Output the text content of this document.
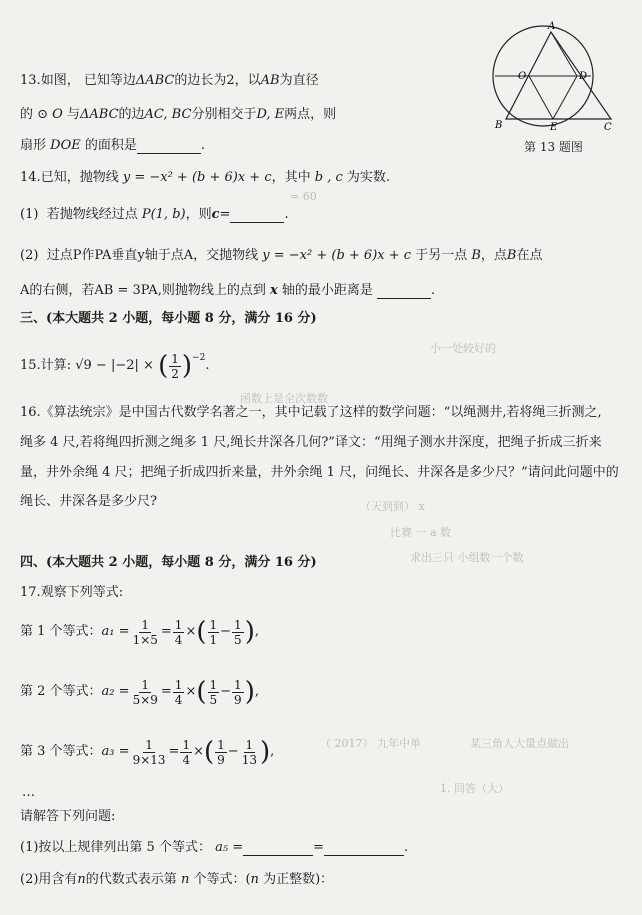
= 60
小一处较好的
函数上是全次数数
（天到到） x
比赛 一 a 数
求出三只 小组数一个数
（ 2017） 九年中单	某三角人大量点做出
1. 回答（大）
A
O	D
B	E	C
第 13 题图
13.如图， 已知等边ΔABC的边长为2，以AB为直径
的 ⊙ O 与ΔABC的边AC, BC分别相交于D, E两点，则
扇形 DOE 的面积是	.
14.已知，抛物线 y = −x² + (b + 6)x + c，其中 b , c 为实数.
(1) 若抛物线经过点 P(1, b)，则c=	.
(2) 过点P作PA垂直y轴于点A，交抛物线 y = −x² + (b + 6)x + c 于另一点 B，点B在点
A的右侧，若AB = 3PA,则抛物线上的点到 x 轴的最小距离是	.
三、(本大题共 2 小题，每小题 8 分，满分 16 分)
15. 计算:
√9
−
|−2|
×
( $\frac{1}{2}$ ) −2 .
16.《算法统宗》是中国古代数学名著之一，其中记载了这样的数学问题：“以绳测井,若将绳三折测之,
绳多 4 尺,若将绳四折测之绳多 1 尺,绳长井深各几何?”译文：“用绳子测水井深度，把绳子折成三折来
量，井外余绳 4 尺；把绳子折成四折来量，井外余绳 1 尺，问绳长、井深各是多少尺？”请问此问题中的
绳长、井深各是多少尺?
四、(本大题共 2 小题，每小题 8 分，满分 16 分)
17.观察下列等式:
第 1 个等式： a₁
= $\frac{1}{1\times 5} = \frac{1}{4}$ × ( $\frac{1}{1} - \frac{1}{5}$ ) ,
第 2 个等式： a₂
= $\frac{1}{5\times 9} = \frac{1}{4}$ × ( $\frac{1}{5} - \frac{1}{9}$ ) ,
第 3 个等式： a₃
= $\frac{1}{9\times 13} = \frac{1}{4}$ × ( $\frac{1}{9} - \frac{1}{13}$ ) ,
…
请解答下列问题:
(1)按以上规律列出第 5 个等式： a₅ =	=	.
(2)用含有n的代数式表示第 n 个等式：(n 为正整数)：
